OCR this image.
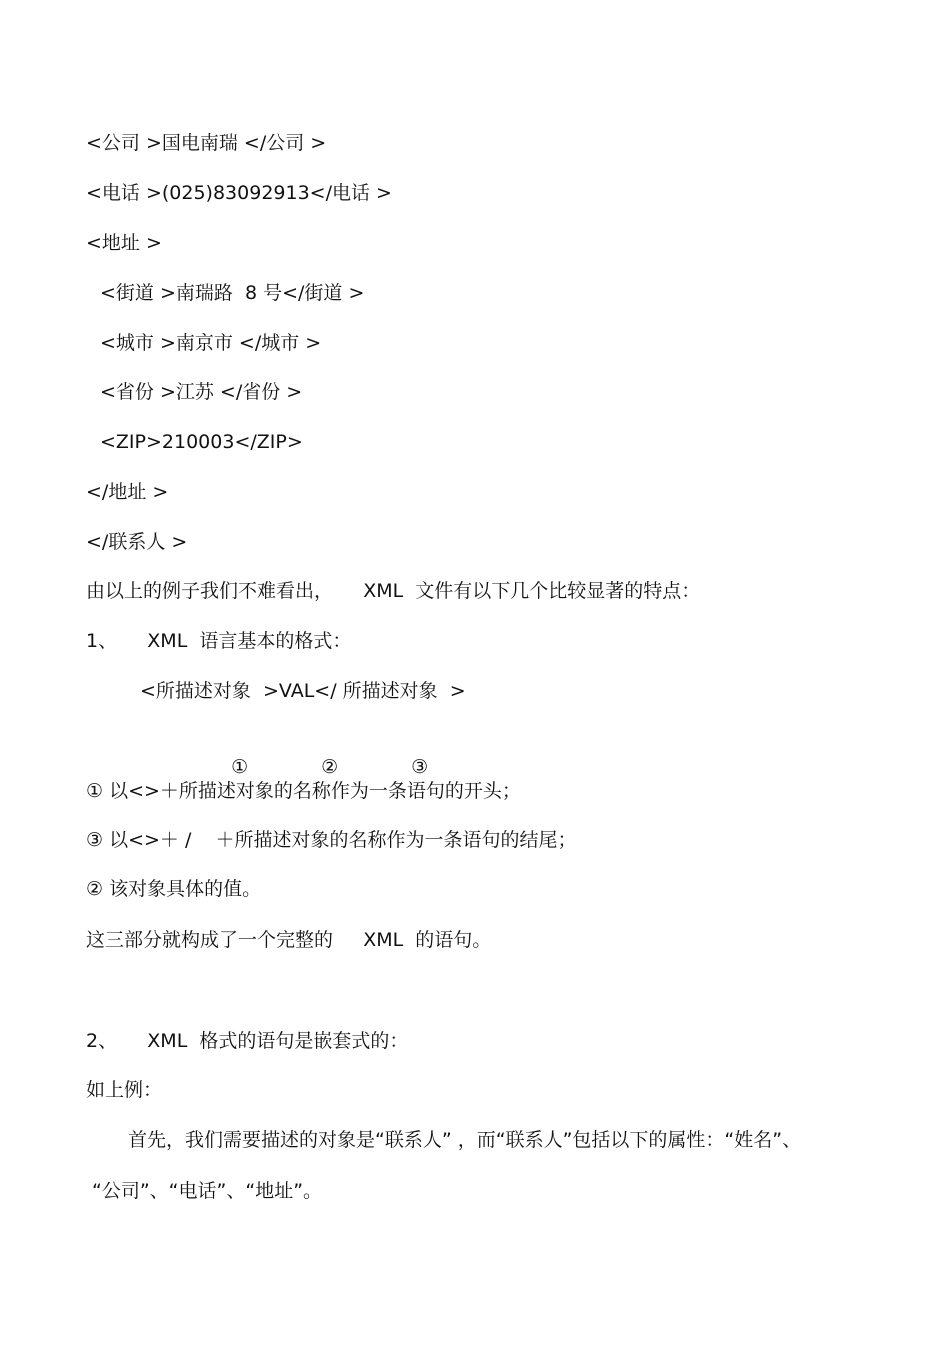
<公司 >国电南瑞 </公司 >
<电话 >(025)83092913</电话 >
<地址 >
<街道 >南瑞路  8 号</街道 >
<城市 >南京市 </城市 >
<省份 >江苏 </省份 >
<ZIP>210003</ZIP>
</地址 >
</联系人 >
由以上的例子我们不难看出，     XML  文件有以下几个比较显著的特点：
1、     XML  语言基本的格式：
<所描述对象  >VAL</ 所描述对象  >

①	②	③

① 以<>＋所描述对象的名称作为一条语句的开头；
③ 以<>＋ /    ＋所描述对象的名称作为一条语句的结尾；
② 该对象具体的值。
这三部分就构成了一个完整的     XML  的语句。
2、     XML  格式的语句是嵌套式的：
如上例：
首先，我们需要描述的对象是“联系人” ，而“联系人”包括以下的属性：“姓名”、
“公司”、“电话”、“地址”。
